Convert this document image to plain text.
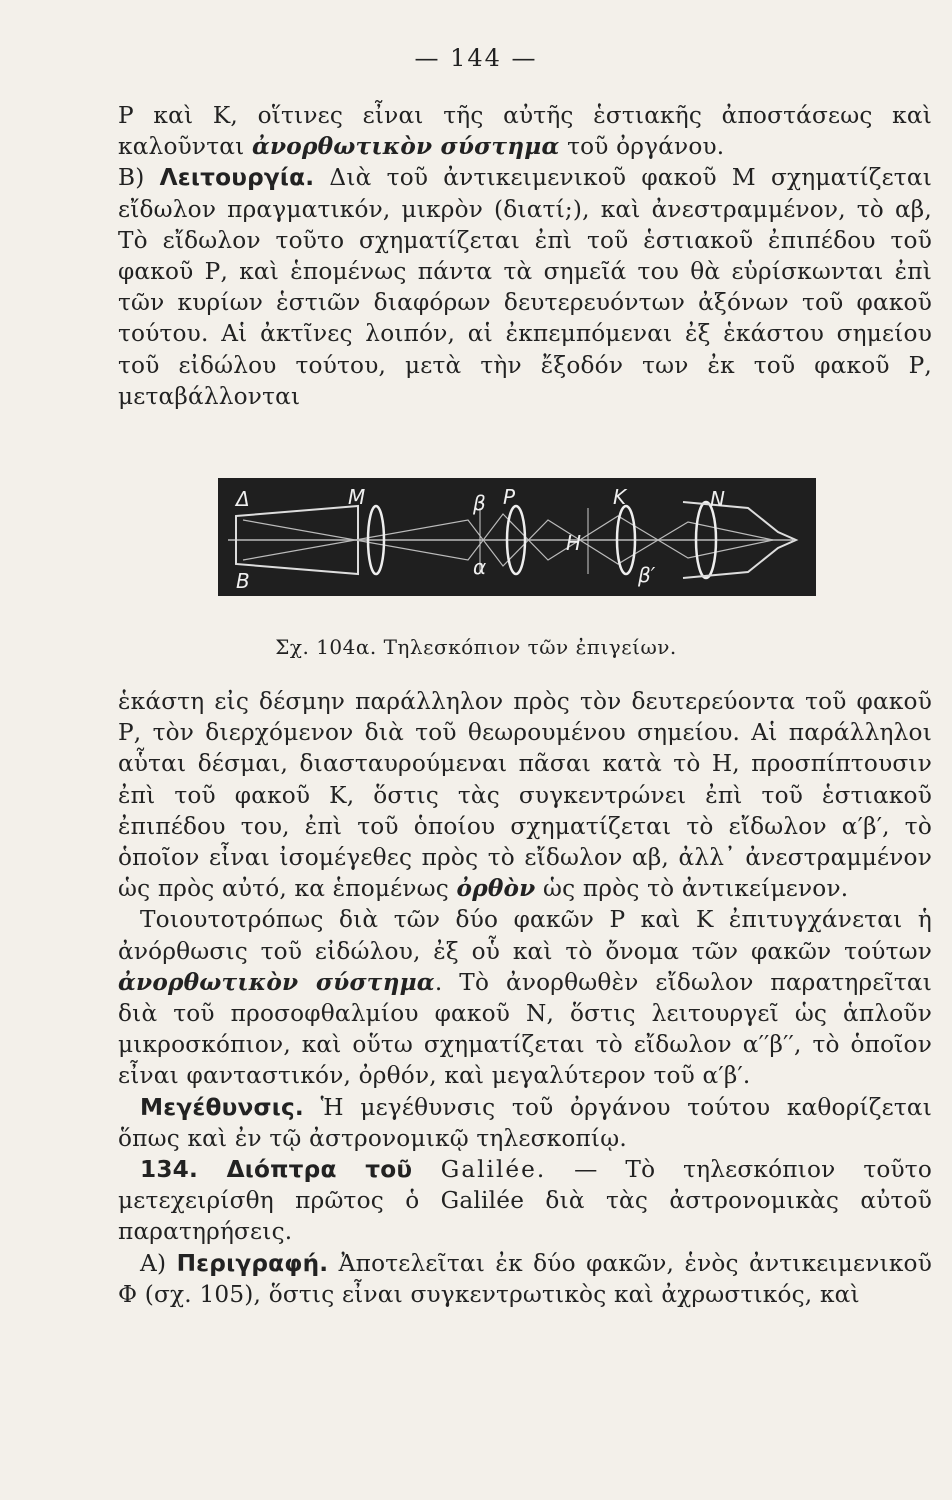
— 144 —

Ρ καὶ Κ, οἵτινες εἶναι τῆς αὐτῆς ἑστιακῆς ἀποστάσεως καὶ καλοῦνται ἀνορθωτικὸν σύστημα τοῦ ὀργάνου.

Β) Λειτουργία. Διὰ τοῦ ἀντικειμενικοῦ φακοῦ Μ σχηματίζεται εἴδωλον πραγματικόν, μικρὸν (διατί;), καὶ ἀνεστραμμένον, τὸ αβ, Τὸ εἴδωλον τοῦτο σχηματίζεται ἐπὶ τοῦ ἑστιακοῦ ἐπιπέδου τοῦ φακοῦ Ρ, καὶ ἑπομένως πάντα τὰ σημεῖά του θὰ εὑρίσκωνται ἐπὶ τῶν κυρίων ἑστιῶν διαφόρων δευτερευόντων ἀξόνων τοῦ φακοῦ τούτου. Αἱ ἀκτῖνες λοιπόν, αἱ ἐκπεμπόμεναι ἐξ ἑκάστου σημείου τοῦ εἰδώλου τούτου, μετὰ τὴν ἔξοδόν των ἐκ τοῦ φακοῦ Ρ, μεταβάλλονται

Δ	Μ	β Ρ
Η
Κ	Ν
Β
α	β′
Σχ. 104α. Τηλεσκόπιον τῶν ἐπιγείων.

ἑκάστη εἰς δέσμην παράλληλον πρὸς τὸν δευτερεύοντα τοῦ φακοῦ Ρ, τὸν διερχόμενον διὰ τοῦ θεωρουμένου σημείου. Αἱ παράλληλοι αὗται δέσμαι, διασταυρούμεναι πᾶσαι κατὰ τὸ Η, προσπίπτουσιν ἐπὶ τοῦ φακοῦ Κ, ὅστις τὰς συγκεντρώνει ἐπὶ τοῦ ἑστιακοῦ ἐπιπέδου του, ἐπὶ τοῦ ὁποίου σχηματίζεται τὸ εἴδωλον α′β′, τὸ ὁποῖον εἶναι ἰσομέγεθες πρὸς τὸ εἴδωλον αβ, ἀλλ᾽ ἀνεστραμμένον ὡς πρὸς αὐτό, κα ἑπομένως ὀρθὸν ὡς πρὸς τὸ ἀντικείμενον.

Τοιουτοτρόπως διὰ τῶν δύο φακῶν Ρ καὶ Κ ἐπιτυγχάνεται ἡ ἀνόρθωσις τοῦ εἰδώλου, ἐξ οὗ καὶ τὸ ὄνομα τῶν φακῶν τούτων ἀνορθωτικὸν σύστημα. Τὸ ἀνορθωθὲν εἴδωλον παρατηρεῖται διὰ τοῦ προσοφθαλμίου φακοῦ Ν, ὅστις λειτουργεῖ ὡς ἁπλοῦν μικροσκόπιον, καὶ οὕτω σχηματίζεται τὸ εἴδωλον α′′β′′, τὸ ὁποῖον εἶναι φανταστικόν, ὀρθόν, καὶ μεγαλύτερον τοῦ α′β′.

Μεγέθυνσις. Ἡ μεγέθυνσις τοῦ ὀργάνου τούτου καθορίζεται ὅπως καὶ ἐν τῷ ἀστρονομικῷ τηλεσκοπίῳ.

134. Διόπτρα τοῦ Galilée. — Τὸ τηλεσκόπιον τοῦτο μετεχειρίσθη πρῶτος ὁ Galilée διὰ τὰς ἀστρονομικὰς αὐτοῦ παρατηρήσεις.

Α) Περιγραφή. Ἀποτελεῖται ἐκ δύο φακῶν, ἑνὸς ἀντικειμενικοῦ Φ (σχ. 105), ὅστις εἶναι συγκεντρωτικὸς καὶ ἀχρωστικός, καὶ
